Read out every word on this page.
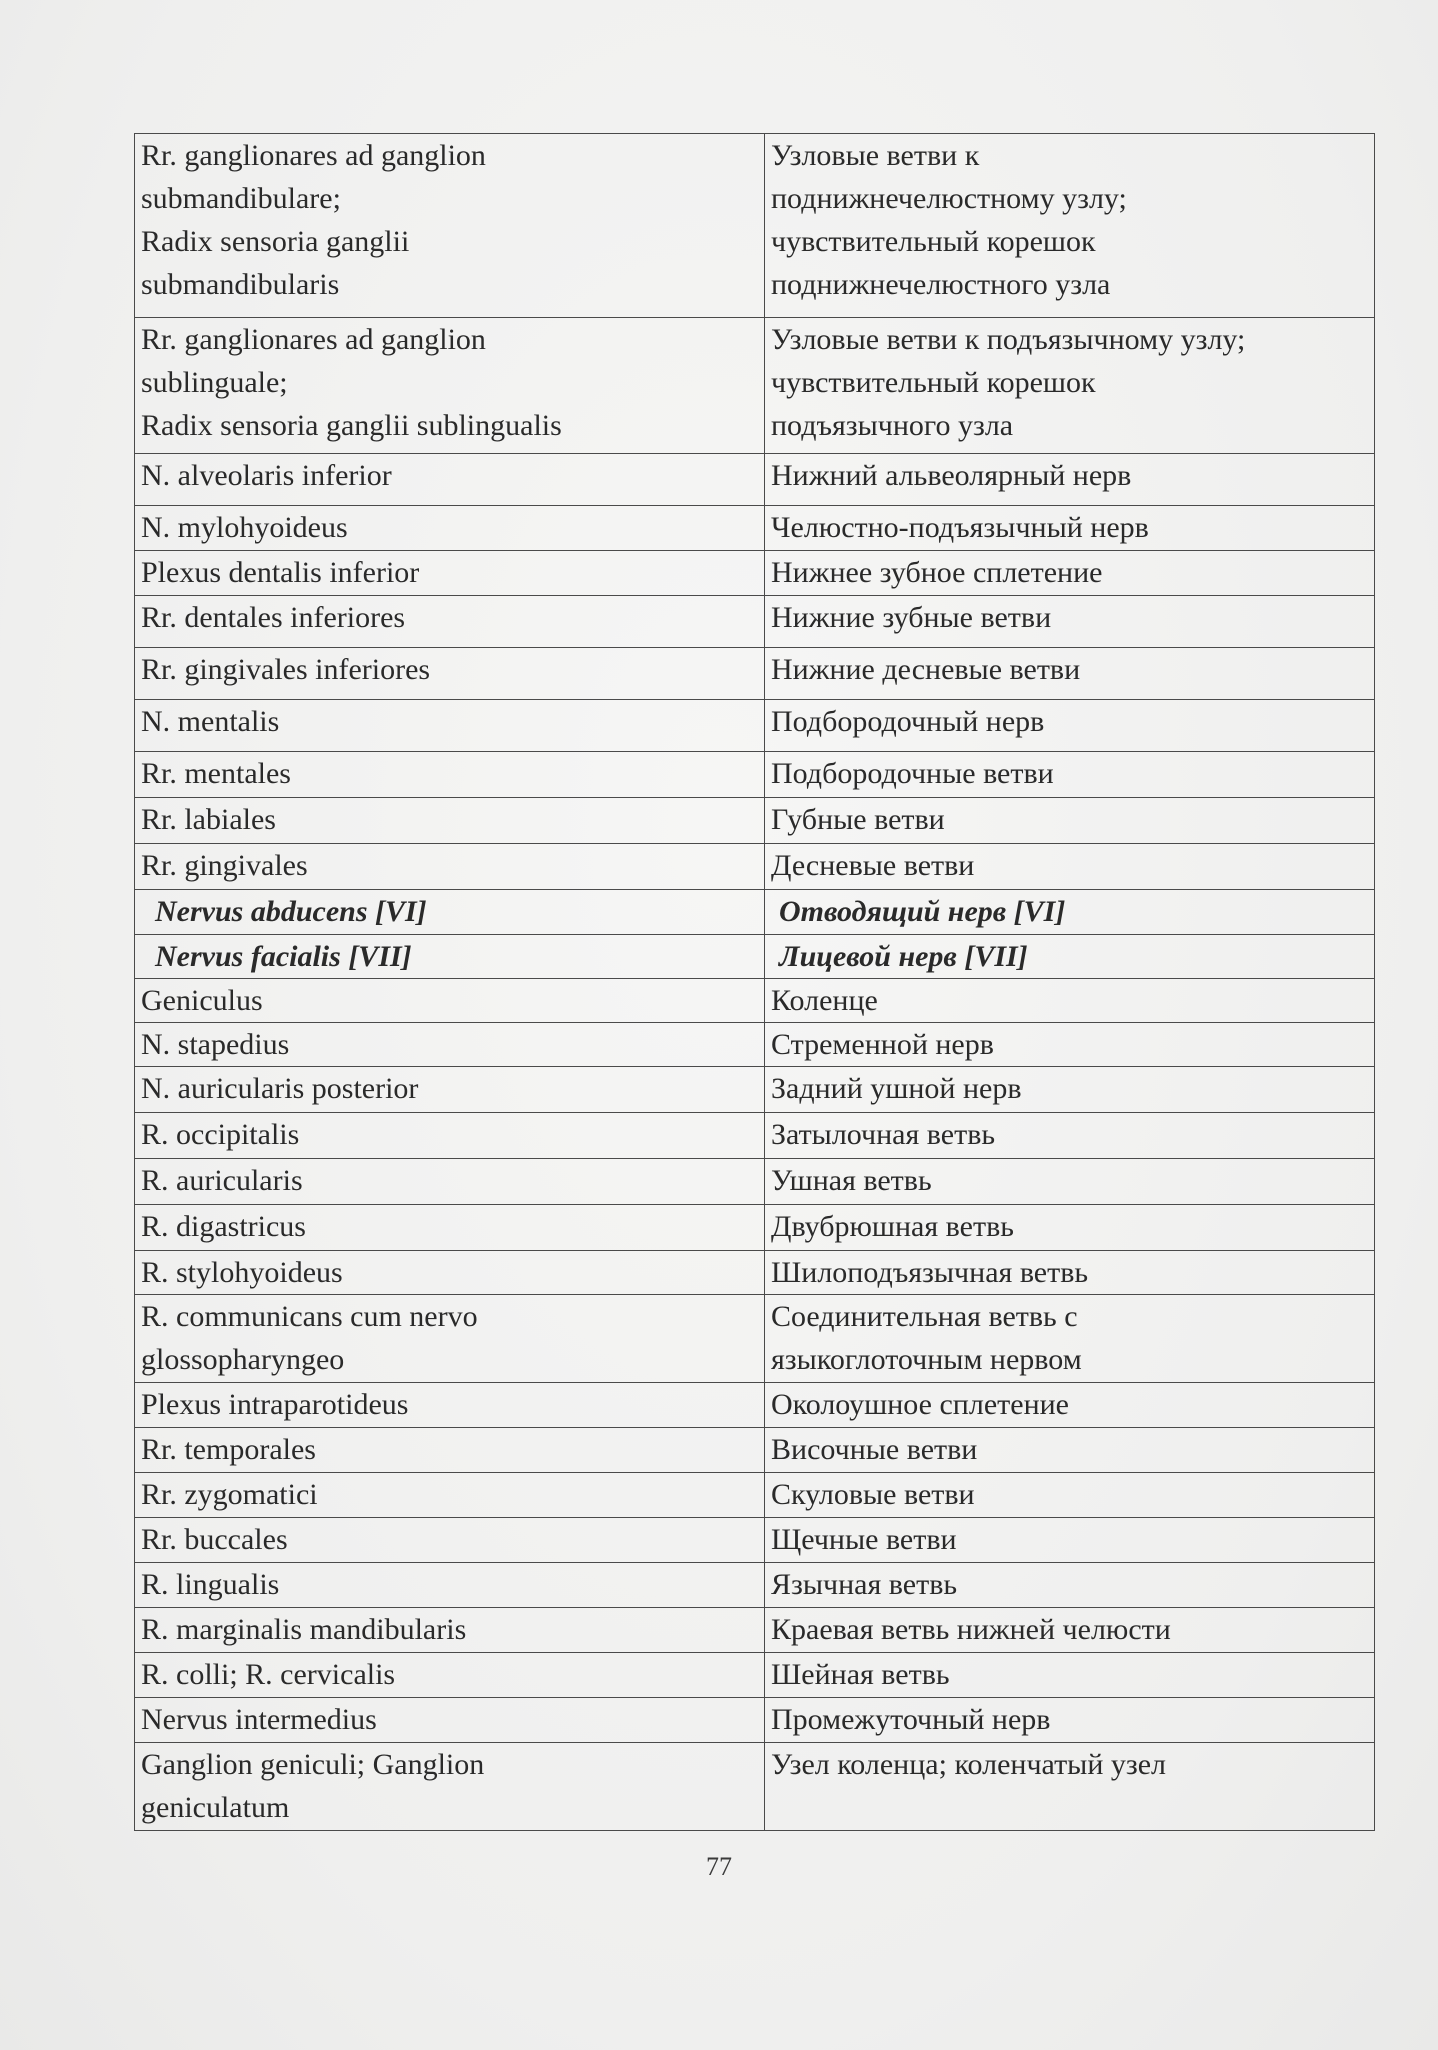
Rr. ganglionares ad ganglion
submandibulare;
Radix sensoria ganglii
submandibularis	Узловые ветви к
поднижнечелюстному узлу;
чувствительный корешок
поднижнечелюстного узла
Rr. ganglionares ad ganglion
sublinguale;
Radix sensoria ganglii sublingualis	Узловые ветви к подъязычному узлу;
чувствительный корешок
подъязычного узла
N. alveolaris inferior	Нижний альвеолярный нерв
N. mylohyoideus	Челюстно-подъязычный нерв
Plexus dentalis inferior	Нижнее зубное сплетение
Rr. dentales inferiores	Нижние зубные ветви
Rr. gingivales inferiores	Нижние десневые ветви
N. mentalis	Подбородочный нерв
Rr. mentales	Подбородочные ветви
Rr. labiales	Губные ветви
Rr. gingivales	Десневые ветви
Nervus abducens [VI]	Отводящий нерв [VI]
Nervus facialis [VII]	Лицевой нерв [VII]
Geniculus	Коленце
N. stapedius	Стременной нерв
N. auricularis posterior	Задний ушной нерв
R. occipitalis	Затылочная ветвь
R. auricularis	Ушная ветвь
R. digastricus	Двубрюшная ветвь
R. stylohyoideus	Шилоподъязычная ветвь
R. communicans cum nervo
glossopharyngeo	Соединительная ветвь с
языкоглоточным нервом
Plexus intraparotideus	Околоушное сплетение
Rr. temporales	Височные ветви
Rr. zygomatici	Скуловые ветви
Rr. buccales	Щечные ветви
R. lingualis	Язычная ветвь
R. marginalis mandibularis	Краевая ветвь нижней челюсти
R. colli; R. cervicalis	Шейная ветвь
Nervus intermedius	Промежуточный нерв
Ganglion geniculi; Ganglion
geniculatum	Узел коленца; коленчатый узел
77
